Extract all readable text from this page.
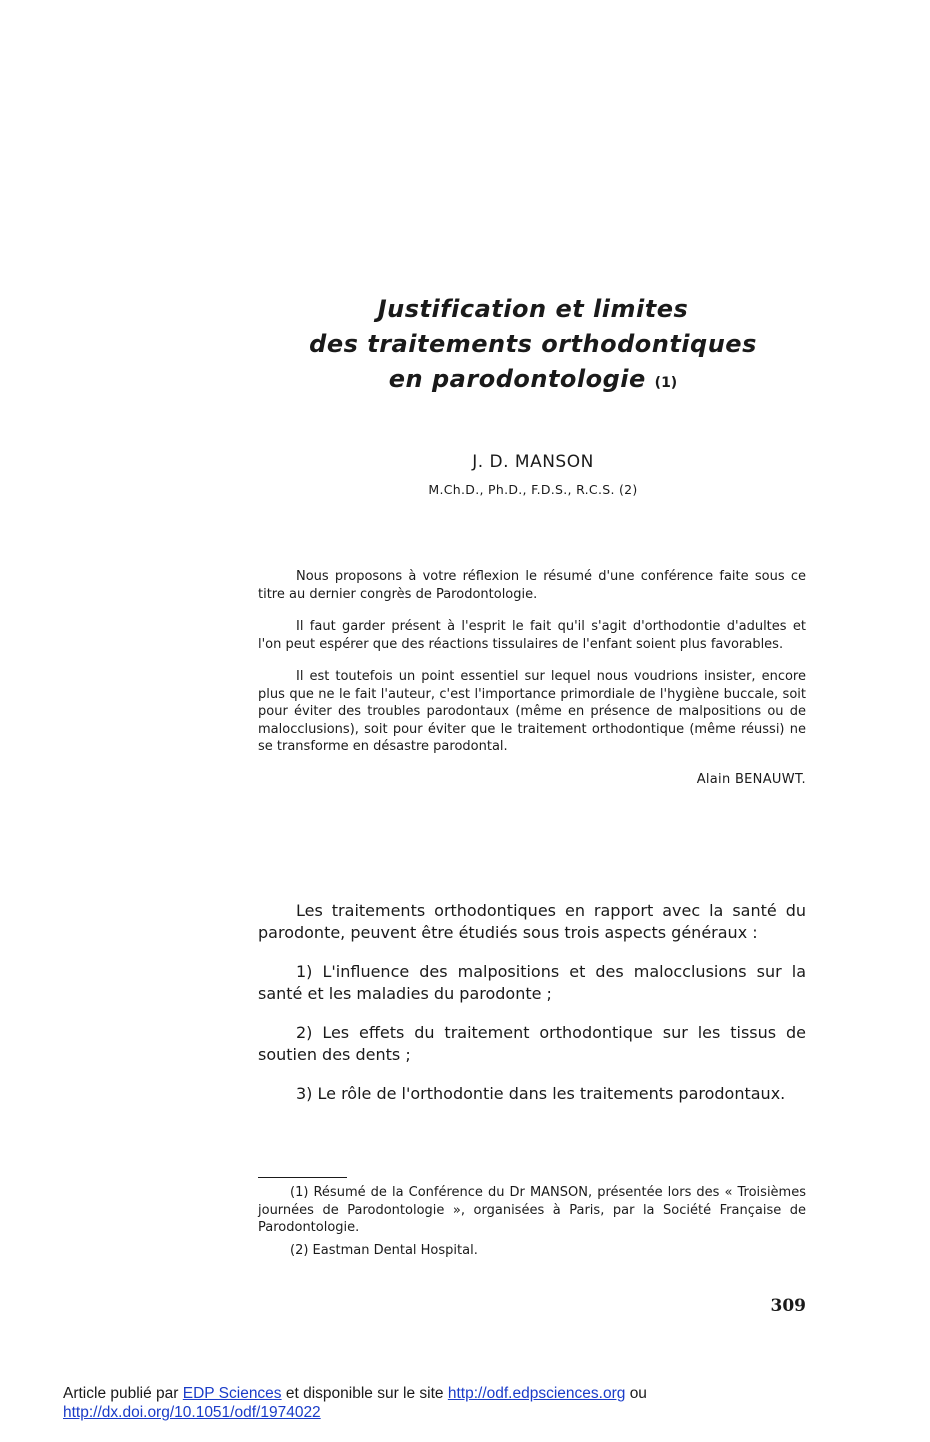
Justification et limites
des traitements orthodontiques
en parodontologie (1)
J. D. MANSON
M.Ch.D., Ph.D., F.D.S., R.C.S. (2)

Nous proposons à votre réflexion le résumé d'une conférence faite sous ce titre au dernier congrès de Parodontologie.

Il faut garder présent à l'esprit le fait qu'il s'agit d'orthodontie d'adultes et l'on peut espérer que des réactions tissulaires de l'enfant soient plus favorables.

Il est toutefois un point essentiel sur lequel nous voudrions insister, encore plus que ne le fait l'auteur, c'est l'importance primordiale de l'hygiène buccale, soit pour éviter des troubles parodontaux (même en présence de malpositions ou de malocclusions), soit pour éviter que le traitement orthodontique (même réussi) ne se transforme en désastre parodontal.

Alain BENAUWT.

Les traitements orthodontiques en rapport avec la santé du parodonte, peuvent être étudiés sous trois aspects généraux :

1) L'influence des malpositions et des malocclusions sur la santé et les maladies du parodonte ;

2) Les effets du traitement orthodontique sur les tissus de soutien des dents ;

3) Le rôle de l'orthodontie dans les traitements parodontaux.

(1) Résumé de la Conférence du Dr MANSON, présentée lors des « Troisièmes journées de Parodontologie », organisées à Paris, par la Société Française de Parodontologie.

(2) Eastman Dental Hospital.

309
Article publié par EDP Sciences et disponible sur le site http://odf.edpsciences.org ou
http://dx.doi.org/10.1051/odf/1974022
